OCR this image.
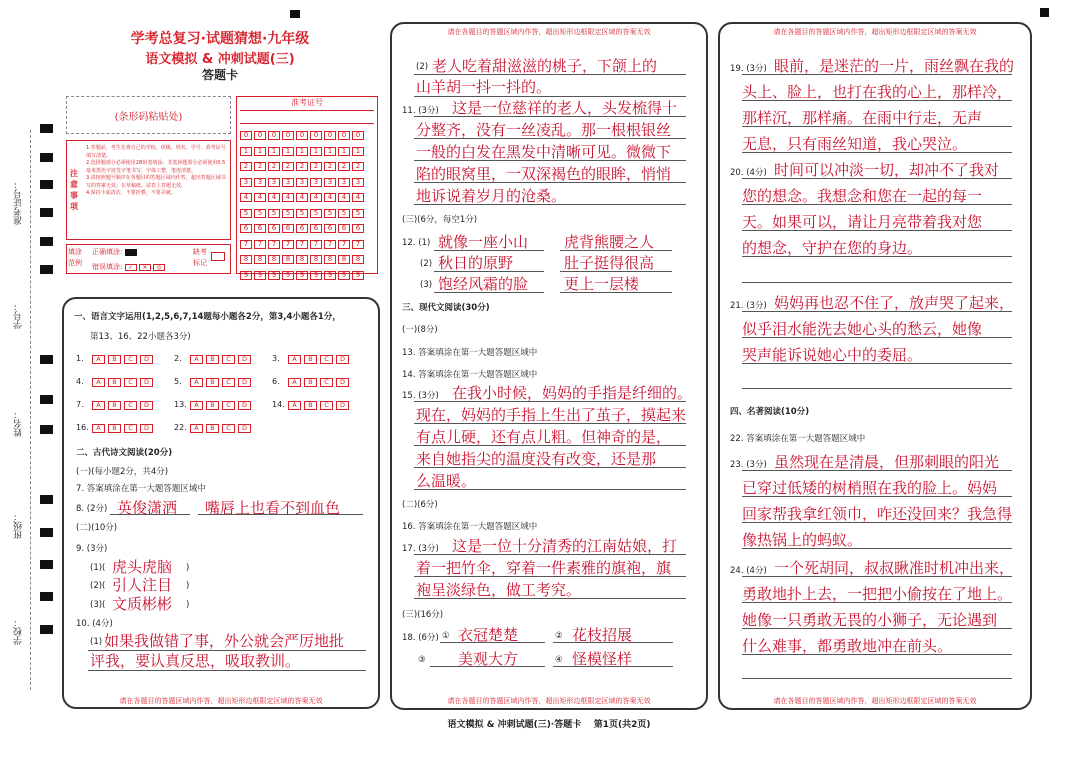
准考证号：
学号：
姓名：
班级：
学校：
学考总复习·试题猜想·九年级
语文模拟 & 冲刺试题(三)
答题卡
(条形码粘贴处)
注意事项
1.答题前，考生先将自己的学校、班级、姓名、学号、准考证号填写清楚。
2.选择题部分必须使用2B铅笔填涂；非选择题部分必须使用0.5毫米黑色字迹签字笔书写，字体工整，笔迹清楚。
3.请按照题号顺序在各题目的答题区域内作答，超出答题区域书写的答案无效；在草稿纸、试卷上答题无效。
4.保持卡面清洁，不要折叠，不要弄破。
填涂范例
正确填涂:
错误填涂: ✓ ✕ ◎
缺考标记
准考证号
0	0	0	0	0	0	0	0	0
1	1	1	1	1	1	1	1	1
2	2	2	2	2	2	2	2	2
3	3	3	3	3	3	3	3	3
4	4	4	4	4	4	4	4	4
5	5	5	5	5	5	5	5	5
6	6	6	6	6	6	6	6	6
7	7	7	7	7	7	7	7	7
8	8	8	8	8	8	8	8	8
9	9	9	9	9	9	9	9	9
一、语言文字运用(1,2,5,6,7,14题每小题各2分，第3,4小题各1分，
第13、16、22小题各3分)
1. A B C D	2. A B C D	3. A B C D
4. A B C D	5. A B C D	6. A B C D
7. A B C D	13. A B C D	14. A B C D
16. A B C D	22. A B C D
二、古代诗文阅读(20分)
(一)(每小题2分，共4分)
7. 答案填涂在第一大题答题区域中
8. (2分) 英俊潇洒 嘴唇上也看不到血色
(二)(10分)
9. (3分)
(1)( 虎头虎脑 )
(2)( 引人注目 )
(3)( 文质彬彬 )
10. (4分)
(1) 如果我做错了事，外公就会严厉地批
评我，要认真反思，吸取教训。
请在各题目的答题区域内作答，超出矩形边框限定区域的答案无效
请在各题目的答题区域内作答，超出矩形边框限定区域的答案无效
(2) 老人吃着甜滋滋的桃子，下颌上的
山羊胡一抖一抖的。
11. (3分) 这是一位慈祥的老人，头发梳得十
分整齐，没有一丝凌乱。那一根根银丝
一般的白发在黑发中清晰可见。微微下
陷的眼窝里，一双深褐色的眼眸，悄悄
地诉说着岁月的沧桑。
(三)(6分，每空1分)
12. (1) 就像一座小山 虎背熊腰之人
(2) 秋日的原野	肚子挺得很高
(3) 饱经风霜的脸 更上一层楼
三、现代文阅读(30分)
(一)(8分)
13. 答案填涂在第一大题答题区域中
14. 答案填涂在第一大题答题区域中
15. (3分) 在我小时候，妈妈的手指是纤细的。
现在，妈妈的手指上生出了茧子，摸起来
有点儿硬，还有点儿粗。但神奇的是，
来自她指尖的温度没有改变，还是那
么温暖。
(二)(6分)
16. 答案填涂在第一大题答题区域中
17. (3分) 这是一位十分清秀的江南姑娘，打
着一把竹伞，穿着一件素雅的旗袍，旗
袍呈淡绿色，做工考究。
(三)(16分)
18. (6分) ① 衣冠楚楚	② 花枝招展
③ 美观大方	④ 怪模怪样
请在各题目的答题区域内作答，超出矩形边框限定区域的答案无效
请在各题目的答题区域内作答，超出矩形边框限定区域的答案无效
19. (3分) 眼前，是迷茫的一片，雨丝飘在我的
头上、脸上，也打在我的心上，那样冷，
那样沉，那样痛。在雨中行走，无声
无息，只有雨丝知道，我心哭泣。
20. (4分) 时间可以冲淡一切，却冲不了我对
您的想念。我想念和您在一起的每一
天。如果可以，请让月亮带着我对您
的想念，守护在您的身边。
21. (3分) 妈妈再也忍不住了，放声哭了起来，
似乎泪水能洗去她心头的愁云，她像
哭声能诉说她心中的委屈。
四、名著阅读(10分)
22. 答案填涂在第一大题答题区域中
23. (3分) 虽然现在是清晨，但那刺眼的阳光
已穿过低矮的树梢照在我的脸上。妈妈
回家帮我拿红领巾，咋还没回来？我急得
像热锅上的蚂蚁。
24. (4分) 一个死胡同，叔叔瞅准时机冲出来，
勇敢地扑上去，一把把小偷按在了地上。
她像一只勇敢无畏的小狮子，无论遇到
什么难事，都勇敢地冲在前头。
请在各题目的答题区域内作答，超出矩形边框限定区域的答案无效
语文模拟 & 冲刺试题(三)·答题卡    第1页(共2页)
